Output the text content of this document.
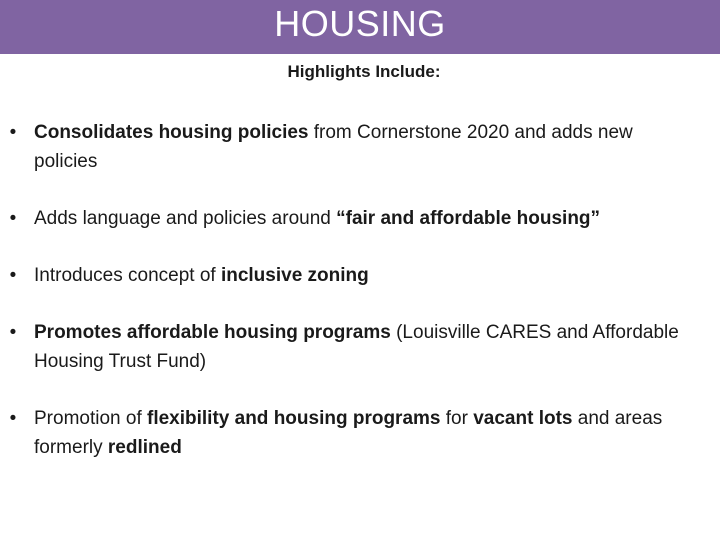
HOUSING
Highlights Include:
• Consolidates housing policies from Cornerstone 2020 and adds new policies
• Adds language and policies around “fair and affordable housing”
• Introduces concept of inclusive zoning
• Promotes affordable housing programs (Louisville CARES and Affordable Housing Trust Fund)
• Promotion of flexibility and housing programs for vacant lots and areas formerly redlined
